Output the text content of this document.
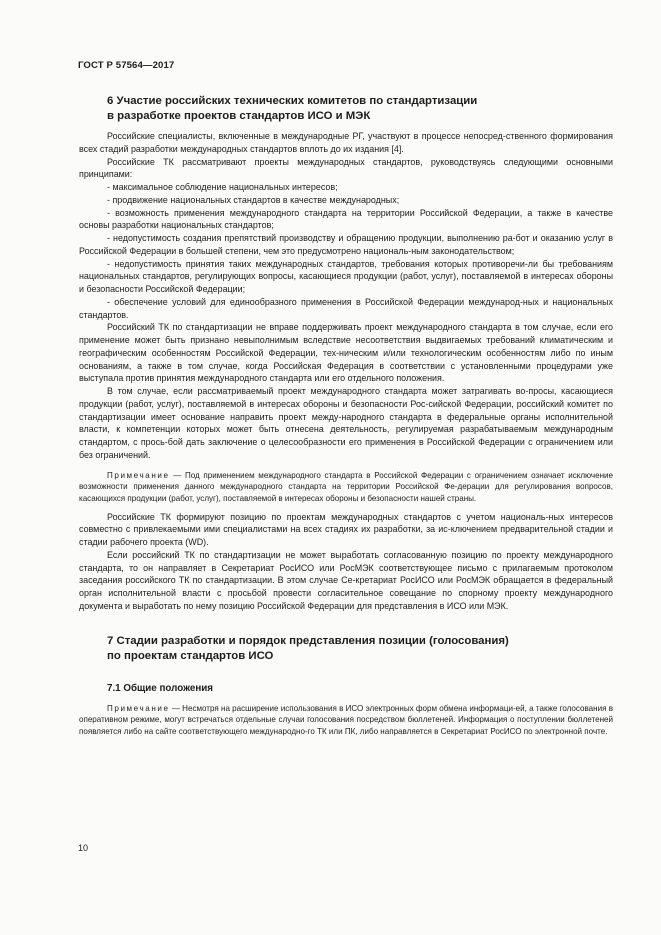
ГОСТ Р 57564—2017
6 Участие российских технических комитетов по стандартизации
в разработке проектов стандартов ИСО и МЭК

Российские специалисты, включенные в международные РГ, участвуют в процессе непосред-ственного формирования всех стадий разработки международных стандартов вплоть до их издания [4].

Российские ТК рассматривают проекты международных стандартов, руководствуясь следующими основными принципами:

- максимальное соблюдение национальных интересов;

- продвижение национальных стандартов в качестве международных;

- возможность применения международного стандарта на территории Российской Федерации, а также в качестве основы разработки национальных стандартов;

- недопустимость создания препятствий производству и обращению продукции, выполнению ра-бот и оказанию услуг в Российской Федерации в большей степени, чем это предусмотрено националь-ным законодательством;

- недопустимость принятия таких международных стандартов, требования которых противоречи-ли бы требованиям национальных стандартов, регулирующих вопросы, касающиеся продукции (работ, услуг), поставляемой в интересах обороны и безопасности Российской Федерации;

- обеспечение условий для единообразного применения в Российской Федерации международ-ных и национальных стандартов.

Российский ТК по стандартизации не вправе поддерживать проект международного стандарта в том случае, если его применение может быть признано невыполнимым вследствие несоответствия выдвигаемых требований климатическим и географическим особенностям Российской Федерации, тех-ническим и/или технологическим особенностям либо по иным основаниям, а также в том случае, когда Российская Федерация в соответствии с установленными процедурами уже выступала против принятия международного стандарта или его отдельного положения.

В том случае, если рассматриваемый проект международного стандарта может затрагивать во-просы, касающиеся продукции (работ, услуг), поставляемой в интересах обороны и безопасности Рос-сийской Федерации, российский комитет по стандартизации имеет основание направить проект между-народного стандарта в федеральные органы исполнительной власти, к компетенции которых может быть отнесена деятельность, регулируемая разрабатываемым международным стандартом, с прось-бой дать заключение о целесообразности его применения в Российской Федерации с ограничением или без ограничений.

Примечание — Под применением международного стандарта в Российской Федерации с ограничением означает исключение возможности применения данного международного стандарта на территории Российской Фе-дерации для регулирования вопросов, касающихся продукции (работ, услуг), поставляемой в интересах обороны и безопасности нашей страны.

Российские ТК формируют позицию по проектам международных стандартов с учетом националь-ных интересов совместно с привлекаемыми ими специалистами на всех стадиях их разработки, за ис-ключением предварительной стадии и стадии рабочего проекта (WD).

Если российский ТК по стандартизации не может выработать согласованную позицию по проекту международного стандарта, то он направляет в Секретариат РосИСО или РосМЭК соответствующее письмо с прилагаемым протоколом заседания российского ТК по стандартизации. В этом случае Се-кретариат РосИСО или РосМЭК обращается в федеральный орган исполнительной власти с просьбой провести согласительное совещание по спорному проекту международного документа и выработать по нему позицию Российской Федерации для представления в ИСО или МЭК.

7 Стадии разработки и порядок представления позиции (голосования)
по проектам стандартов ИСО
7.1 Общие положения
Примечание — Несмотря на расширение использования в ИСО электронных форм обмена информаци-ей, а также голосования в оперативном режиме, могут встречаться отдельные случаи голосования посредством бюллетеней. Информация о поступлении бюллетеней появляется либо на сайте соответствующего международно-го ТК или ПК, либо направляется в Секретариат РосИСО по электронной почте.
10
